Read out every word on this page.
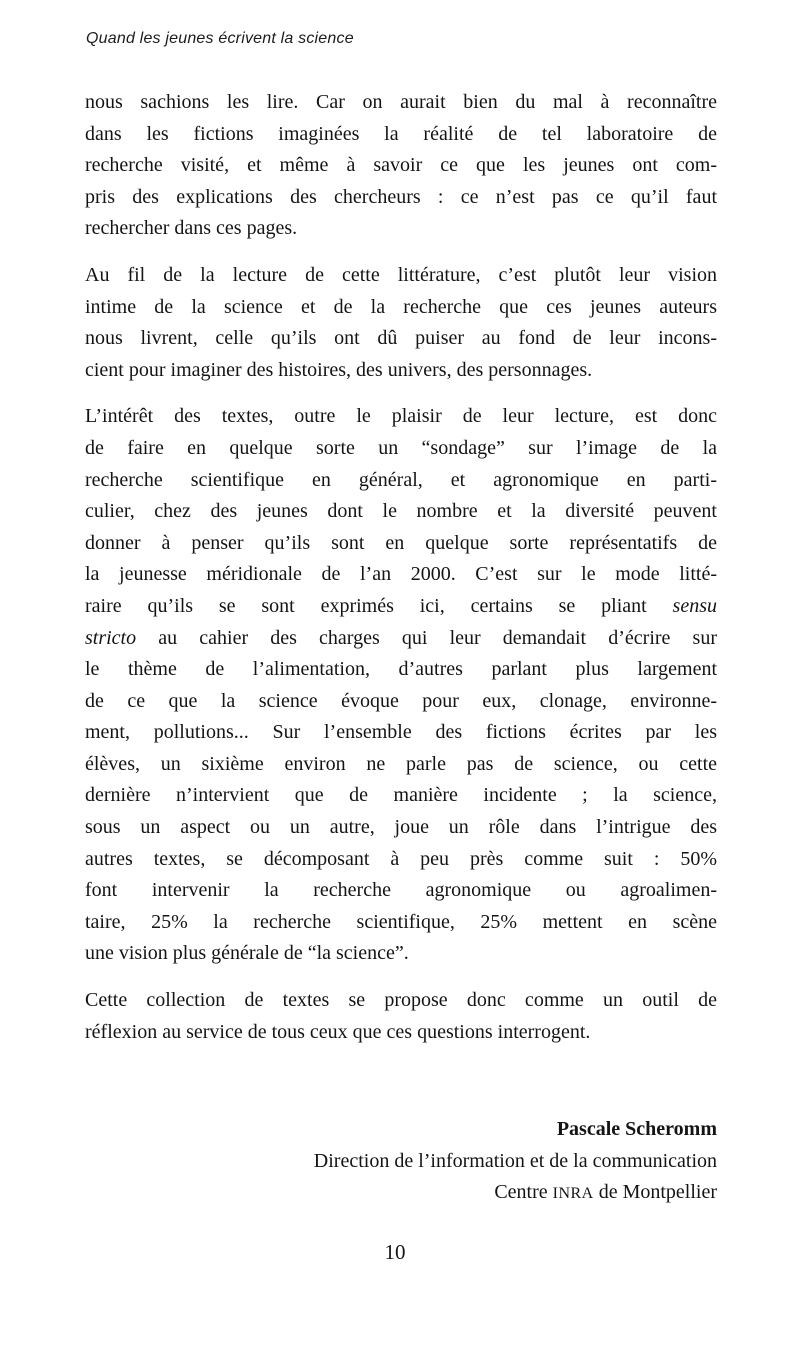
Quand les jeunes écrivent la science
nous sachions les lire. Car on aurait bien du mal à reconnaître
dans les fictions imaginées la réalité de tel laboratoire de
recherche visité, et même à savoir ce que les jeunes ont com-
pris des explications des chercheurs : ce n’est pas ce qu’il faut
rechercher dans ces pages.
Au fil de la lecture de cette littérature, c’est plutôt leur vision
intime de la science et de la recherche que ces jeunes auteurs
nous livrent, celle qu’ils ont dû puiser au fond de leur incons-
cient pour imaginer des histoires, des univers, des personnages.
L’intérêt des textes, outre le plaisir de leur lecture, est donc
de faire en quelque sorte un “sondage” sur l’image de la
recherche scientifique en général, et agronomique en parti-
culier, chez des jeunes dont le nombre et la diversité peuvent
donner à penser qu’ils sont en quelque sorte représentatifs de
la jeunesse méridionale de l’an 2000. C’est sur le mode litté-
raire qu’ils se sont exprimés ici, certains se pliant sensu
stricto au cahier des charges qui leur demandait d’écrire sur
le thème de l’alimentation, d’autres parlant plus largement
de ce que la science évoque pour eux, clonage, environne-
ment, pollutions... Sur l’ensemble des fictions écrites par les
élèves, un sixième environ ne parle pas de science, ou cette
dernière n’intervient que de manière incidente ; la science,
sous un aspect ou un autre, joue un rôle dans l’intrigue des
autres textes, se décomposant à peu près comme suit : 50%
font intervenir la recherche agronomique ou agroalimen-
taire, 25% la recherche scientifique, 25% mettent en scène
une vision plus générale de “la science”.
Cette collection de textes se propose donc comme un outil de
réflexion au service de tous ceux que ces questions interrogent.
Pascale Scheromm
Direction de l’information et de la communication
Centre INRA de Montpellier
10
